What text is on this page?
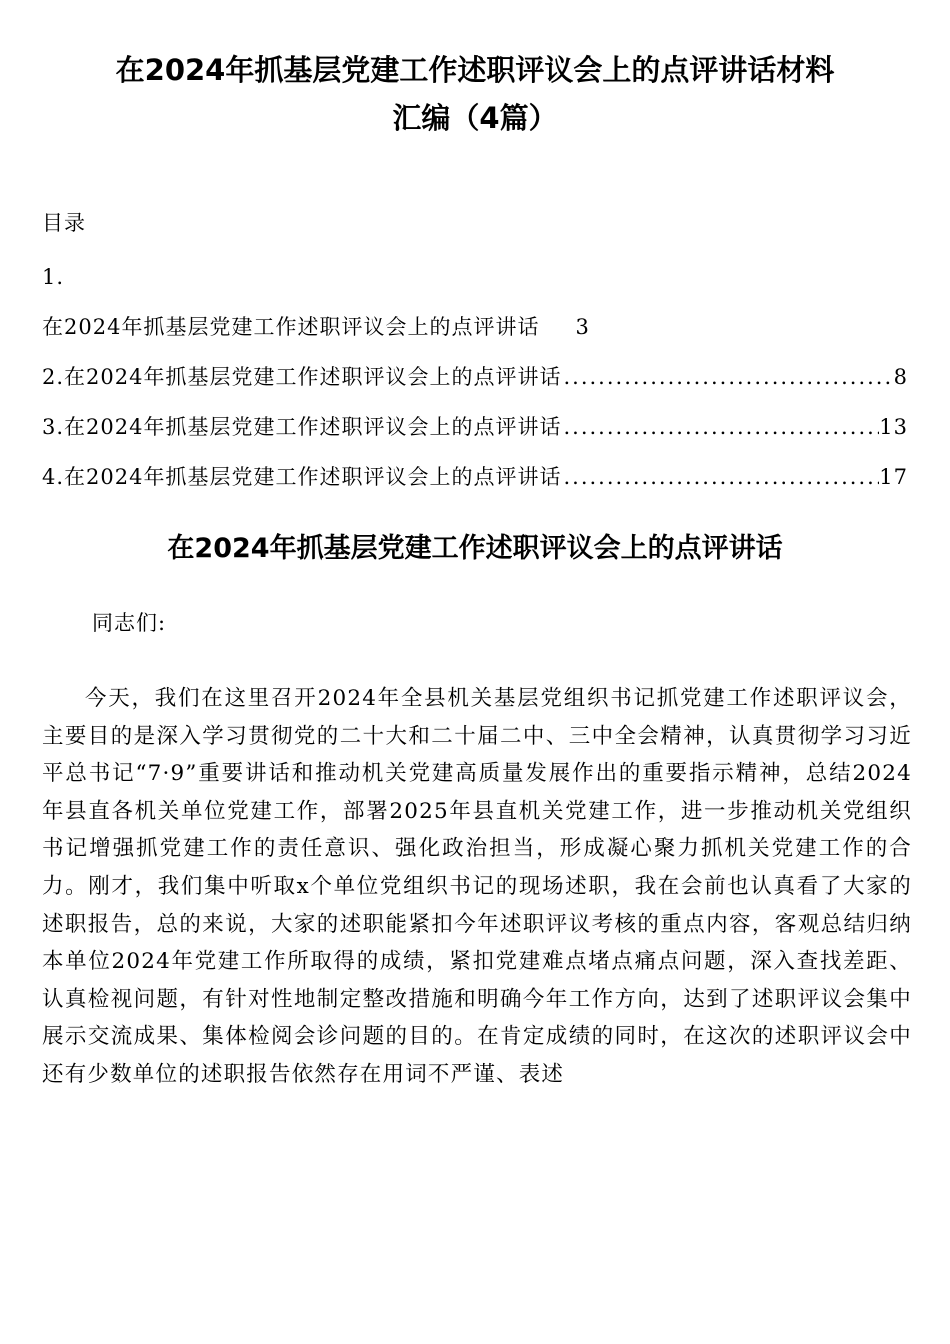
在2024年抓基层党建工作述职评议会上的点评讲话材料
汇编（4篇）
目录
1.
在2024年抓基层党建工作述职评议会上的点评讲话 3
2.在2024年抓基层党建工作述职评议会上的点评讲话 .....	8
3.在2024年抓基层党建工作述职评议会上的点评讲话 .....	13
4.在2024年抓基层党建工作述职评议会上的点评讲话 .....	17
在2024年抓基层党建工作述职评议会上的点评讲话
同志们:

今天，我们在这里召开2024年全县机关基层党组织书记抓党建工作述职评议会，主要目的是深入学习贯彻党的二十大和二十届二中、三中全会精神，认真贯彻学习习近平总书记“7·9”重要讲话和推动机关党建高质量发展作出的重要指示精神，总结2024年县直各机关单位党建工作，部署2025年县直机关党建工作，进一步推动机关党组织书记增强抓党建工作的责任意识、强化政治担当，形成凝心聚力抓机关党建工作的合力。刚才，我们集中听取x个单位党组织书记的现场述职，我在会前也认真看了大家的述职报告，总的来说，大家的述职能紧扣今年述职评议考核的重点内容，客观总结归纳本单位2024年党建工作所取得的成绩，紧扣党建难点堵点痛点问题，深入查找差距、认真检视问题，有针对性地制定整改措施和明确今年工作方向，达到了述职评议会集中展示交流成果、集体检阅会诊问题的目的。在肯定成绩的同时，在这次的述职评议会中还有少数单位的述职报告依然存在用词不严谨、表述
